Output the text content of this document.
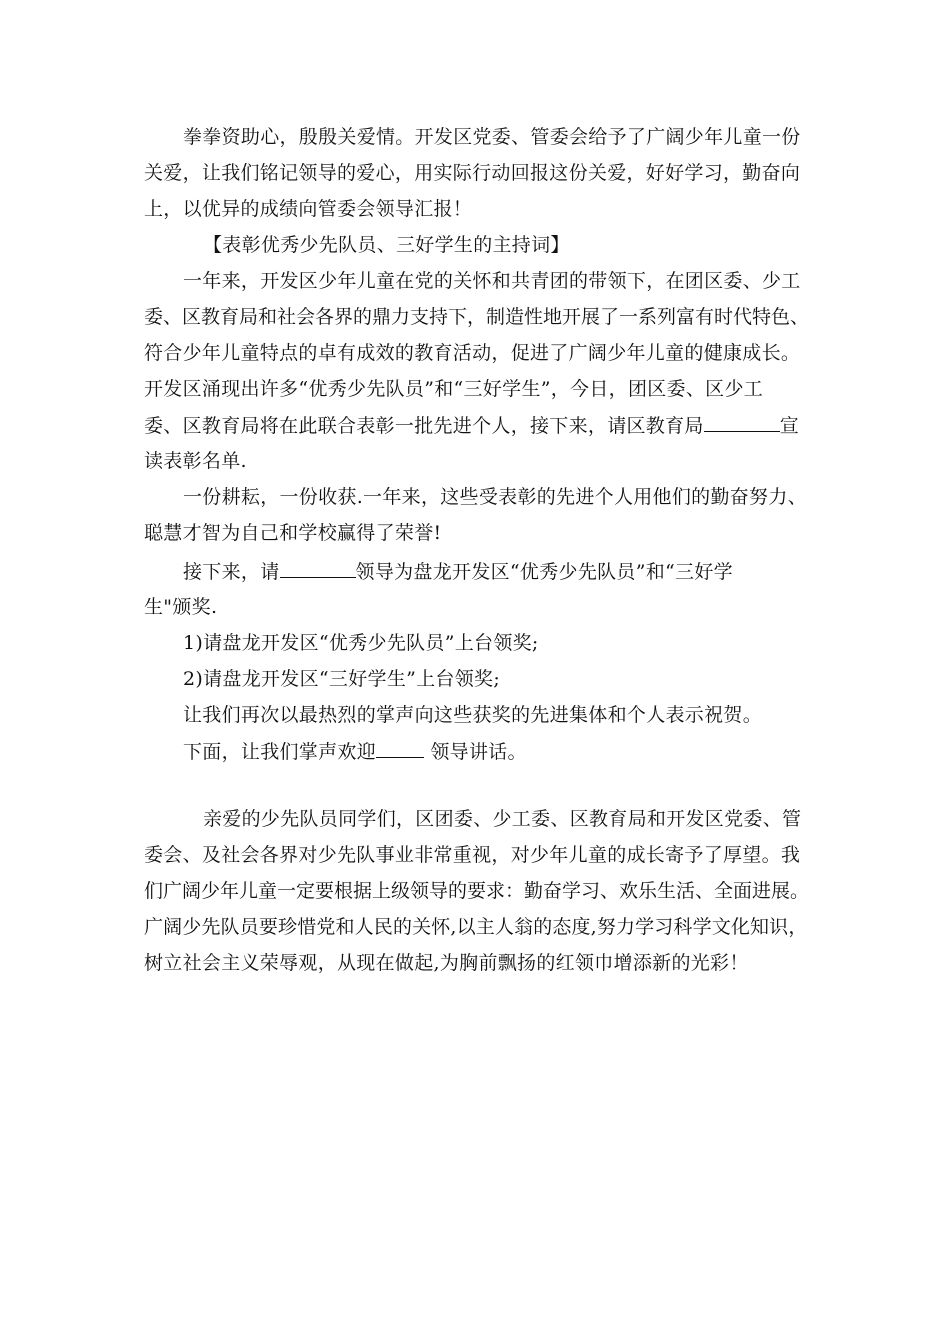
拳拳资助心，殷殷关爱情。开发区党委、管委会给予了广阔少年儿童一份
关爱，让我们铭记领导的爱心，用实际行动回报这份关爱，好好学习，勤奋向
上，以优异的成绩向管委会领导汇报！
【表彰优秀少先队员、三好学生的主持词】
一年来，开发区少年儿童在党的关怀和共青团的带领下，在团区委、少工
委、区教育局和社会各界的鼎力支持下，制造性地开展了一系列富有时代特色、
符合少年儿童特点的卓有成效的教育活动，促进了广阔少年儿童的健康成长。
开发区涌现出许多“优秀少先队员”和“三好学生”，今日，团区委、区少工
委、区教育局将在此联合表彰一批先进个人，接下来，请区教育局	宣
读表彰名单.
一份耕耘，一份收获.一年来，这些受表彰的先进个人用他们的勤奋努力、
聪慧才智为自己和学校赢得了荣誉!
接下来，请	领导为盘龙开发区“优秀少先队员”和“三好学
生"颁奖.
1)请盘龙开发区“优秀少先队员”上台领奖;
2)请盘龙开发区“三好学生”上台领奖;
让我们再次以最热烈的掌声向这些获奖的先进集体和个人表示祝贺。
下面，让我们掌声欢迎	领导讲话。
亲爱的少先队员同学们，区团委、少工委、区教育局和开发区党委、管
委会、及社会各界对少先队事业非常重视，对少年儿童的成长寄予了厚望。我
们广阔少年儿童一定要根据上级领导的要求：勤奋学习、欢乐生活、全面进展。
广阔少先队员要珍惜党和人民的关怀,以主人翁的态度,努力学习科学文化知识，
树立社会主义荣辱观，从现在做起,为胸前飘扬的红领巾增添新的光彩！
